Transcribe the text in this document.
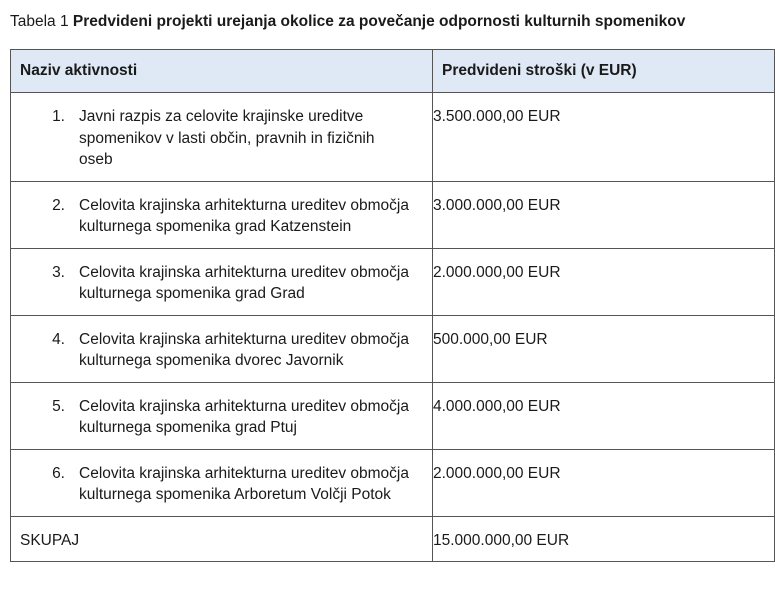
Tabela 1 Predvideni projekti urejanja okolice za povečanje odpornosti kulturnih spomenikov
Naziv aktivnosti	Predvideni stroški (v EUR)

1. Javni razpis za celovite krajinske ureditve spomenikov v lasti občin, pravnih in fizičnih oseb	3.500.000,00 EUR

2. Celovita krajinska arhitekturna ureditev območja kulturnega spomenika grad Katzenstein	3.000.000,00 EUR

3. Celovita krajinska arhitekturna ureditev območja kulturnega spomenika grad Grad	2.000.000,00 EUR

4. Celovita krajinska arhitekturna ureditev območja kulturnega spomenika dvorec Javornik	500.000,00 EUR

5. Celovita krajinska arhitekturna ureditev območja kulturnega spomenika grad Ptuj	4.000.000,00 EUR

6. Celovita krajinska arhitekturna ureditev območja kulturnega spomenika Arboretum Volčji Potok	2.000.000,00 EUR
SKUPAJ	15.000.000,00 EUR
